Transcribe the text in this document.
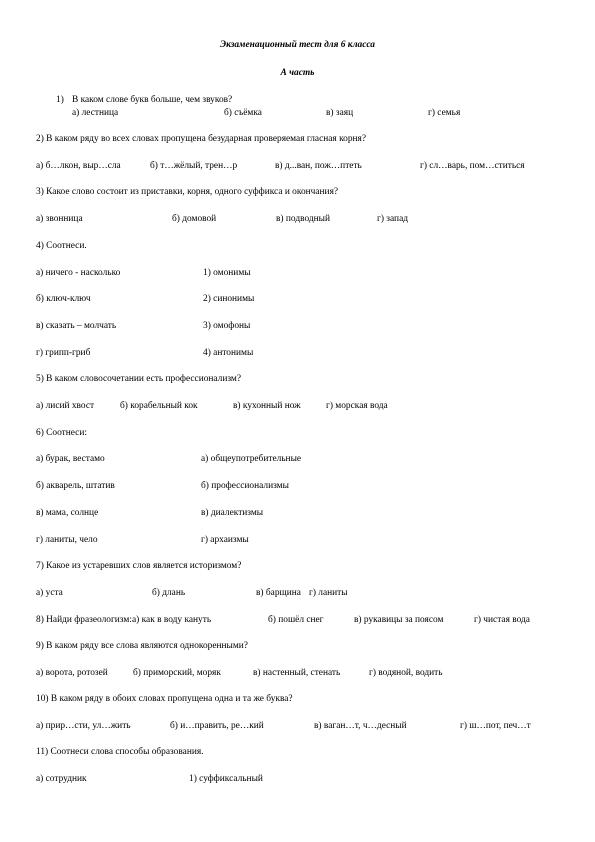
Экзаменационный тест для 6 класса
А часть
1) В каком слове букв больше, чем звуков?
а) лестница	б) съёмка	в) заяц	г) семья
2) В каком ряду во всех словах пропущена безударная проверяемая гласная корня?
а) б…лкон, выр…сла	б) т…жёлый, трен…р	в) д...ван, пож…птеть	г) сл…варь, пом…ститься
3) Какое слово состоит из приставки, корня, одного суффикса и окончания?
а) звонница	б) домовой	в) подводный	г) запад
4) Соотнеси.
а) ничего - насколько	1) омонимы
б) ключ-ключ	2) синонимы
в) сказать – молчать	3) омофоны
г) грипп-гриб	4) антонимы
5) В каком словосочетании есть профессионализм?
а) лисий хвост	б) корабельный кок	в) кухонный нож	г) морская вода
6) Соотнеси:
а) бурак, вестамо	а) общеупотребительные
б) акварель, штатив	б) профессионализмы
в) мама, солнце	в) диалектизмы
г) ланиты, чело	г) архаизмы
7) Какое из устаревших слов является историзмом?
а) уста	б) длань	в) барщина г) ланиты
8) Найди фразеологизм: а) как в воду кануть	б) пошёл снег	в) рукавицы за поясом	г) чистая вода
9) В каком ряду все слова являются однокоренными?
а) ворота, ротозей	б) приморский, моряк	в) настенный, стенать	г) водяной, водить
10) В каком ряду в обоих словах пропущена одна и та же буква?
а) прир…сти, ул…жить	б) и…править, ре…кий	в) ваган…т, ч…десный	г) ш…пот, печ…т
11) Соотнеси слова способы образования.
а) сотрудник	1) суффиксальный
